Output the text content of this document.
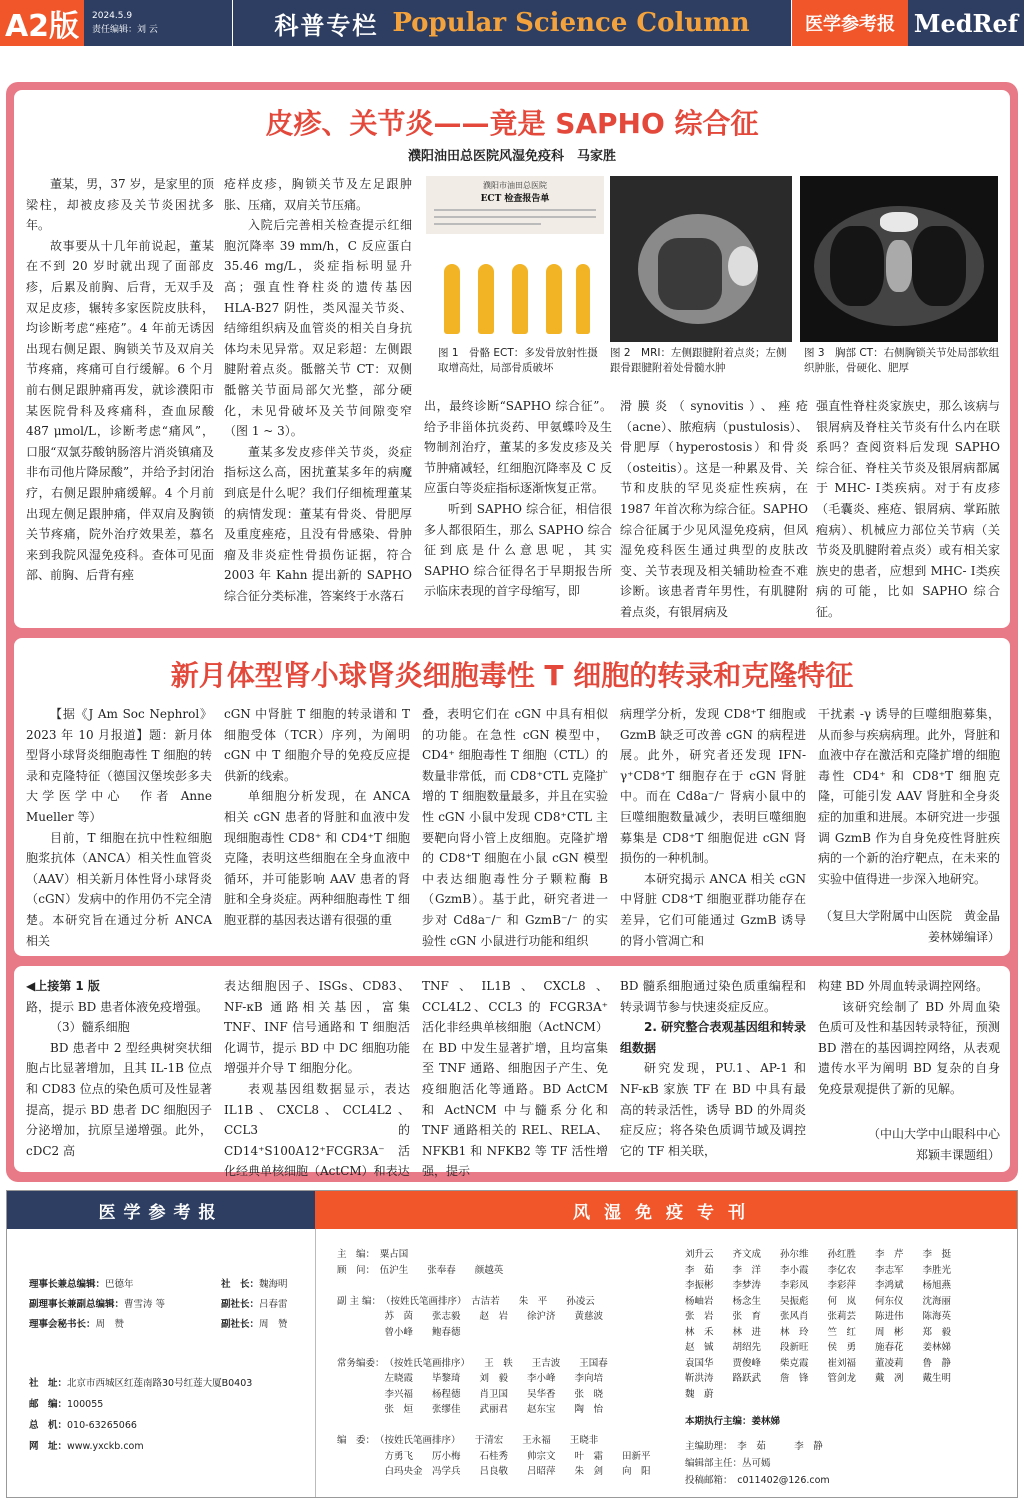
A2版	2024.5.9
责任编辑：刘 云	科普专栏 Popular Science Column	医学参考报 MedRef
皮疹、关节炎——竟是 SAPHO 综合征
濮阳油田总医院风湿免疫科　马家胜

董某，男，37 岁，是家里的顶梁柱，却被皮疹及关节炎困扰多年。

故事要从十几年前说起，董某在不到 20 岁时就出现了面部皮疹，后累及前胸、后背，无双手及双足皮疹，辗转多家医院皮肤科，均诊断考虑“痤疮”。4 年前无诱因出现右侧足跟、胸锁关节及双肩关节疼痛，疼痛可自行缓解。6 个月前右侧足跟肿痛再发，就诊濮阳市某医院骨科及疼痛科，查血尿酸 487 μmol/L，诊断考虑“痛风”，口服“双氯芬酸钠肠溶片消炎镇痛及非布司他片降尿酸”，并给予封闭治疗，右侧足跟肿痛缓解。4 个月前出现左侧足跟肿痛，伴双肩及胸锁关节疼痛，院外治疗效果差，慕名来到我院风湿免疫科。查体可见面部、前胸、后背有痤

疮样皮疹，胸锁关节及左足跟肿胀、压痛，双肩关节压痛。

入院后完善相关检查提示红细胞沉降率 39 mm/h，C 反应蛋白 35.46 mg/L，炎症指标明显升高；强直性脊柱炎的遗传基因 HLA-B27 阴性，类风湿关节炎、结缔组织病及血管炎的相关自身抗体均未见异常。双足彩超：左侧跟腱附着点炎。骶髂关节 CT：双侧骶髂关节面局部欠光整，部分硬化，未见骨破坏及关节间隙变窄（图 1 ~ 3）。

董某多发皮疹伴关节炎，炎症指标这么高，困扰董某多年的病魔到底是什么呢？我们仔细梳理董某的病情发现：董某有骨炎、骨肥厚及重度痤疮，且没有骨感染、骨肿瘤及非炎症性骨损伤证据，符合 2003 年 Kahn 提出新的 SAPHO 综合征分类标准，答案终于水落石

濮阳市油田总医院
ECT 检查报告单
图 1　骨骼 ECT：多发骨放射性摄取增高灶，局部骨质破坏
图 2　MRI：左侧跟腱附着点炎；左侧跟骨跟腱附着处骨髓水肿
图 3　胸部 CT：右侧胸锁关节处局部软组织肿胀，骨硬化、肥厚

出，最终诊断“SAPHO 综合征”。给予非甾体抗炎药、甲氨蝶呤及生物制剂治疗，董某的多发皮疹及关节肿痛减轻，红细胞沉降率及 C 反应蛋白等炎症指标逐渐恢复正常。

听到 SAPHO 综合征，相信很多人都很陌生，那么 SAPHO 综合征到底是什么意思呢，其实 SAPHO 综合征得名于早期报告所示临床表现的首字母缩写，即

滑膜炎（synovitis）、痤疮（acne）、脓疱病（pustulosis）、骨肥厚（hyperostosis）和骨炎（osteitis）。这是一种累及骨、关节和皮肤的罕见炎症性疾病，在 1987 年首次称为综合征。SAPHO 综合征属于少见风湿免疫病，但风湿免疫科医生通过典型的皮肤改变、关节表现及相关辅助检查不难诊断。该患者青年男性，有肌腱附着点炎，有银屑病及

强直性脊柱炎家族史，那么该病与银屑病及脊柱关节炎有什么内在联系吗？查阅资料后发现 SAPHO 综合征、脊柱关节炎及银屑病都属于 MHC- Ⅰ类疾病。对于有皮疹（毛囊炎、痤疮、银屑病、掌跖脓疱病）、机械应力部位关节病（关节炎及肌腱附着点炎）或有相关家族史的患者，应想到 MHC- Ⅰ类疾病的可能，比如 SAPHO 综合征。

新月体型肾小球肾炎细胞毒性 T 细胞的转录和克隆特征

【据《J Am Soc Nephrol》2023 年 10 月报道】题：新月体型肾小球肾炎细胞毒性 T 细胞的转录和克隆特征（德国汉堡埃彭多夫大学医学中心　作者 Anne Mueller 等）

目前，T 细胞在抗中性粒细胞胞浆抗体（ANCA）相关性血管炎（AAV）相关新月体性肾小球肾炎（cGN）发病中的作用仍不完全清楚。本研究旨在通过分析 ANCA 相关

cGN 中肾脏 T 细胞的转录谱和 T 细胞受体（TCR）序列，为阐明 cGN 中 T 细胞介导的免疫反应提供新的线索。

单细胞分析发现，在 ANCA 相关 cGN 患者的肾脏和血液中发现细胞毒性 CD8⁺ 和 CD4⁺T 细胞克隆，表明这些细胞在全身血液中循环，并可能影响 AAV 患者的肾脏和全身炎症。两种细胞毒性 T 细胞亚群的基因表达谱有很强的重

叠，表明它们在 cGN 中具有相似的功能。在急性 cGN 模型中，CD4⁺ 细胞毒性 T 细胞（CTL）的数量非常低，而 CD8⁺CTL 克隆扩增的 T 细胞数量最多，并且在实验性 cGN 小鼠中发现 CD8⁺CTL 主要靶向肾小管上皮细胞。克隆扩增的 CD8⁺T 细胞在小鼠 cGN 模型中表达细胞毒性分子颗粒酶 B（GzmB）。基于此，研究者进一步对 Cd8a⁻/⁻ 和 GzmB⁻/⁻ 的实验性 cGN 小鼠进行功能和组织

病理学分析，发现 CD8⁺T 细胞或 GzmB 缺乏可改善 cGN 的病程进展。此外，研究者还发现 IFN-γ⁺CD8⁺T 细胞存在于 cGN 肾脏中。而在 Cd8a⁻/⁻ 肾病小鼠中的巨噬细胞数量减少，表明巨噬细胞募集是 CD8⁺T 细胞促进 cGN 肾损伤的一种机制。

本研究揭示 ANCA 相关 cGN 中肾脏 CD8⁺T 细胞亚群功能存在差异，它们可能通过 GzmB 诱导的肾小管凋亡和

干扰素 -γ 诱导的巨噬细胞募集，从而参与疾病病理。此外，肾脏和血液中存在激活和克隆扩增的细胞毒性 CD4⁺ 和 CD8⁺T 细胞克隆，可能引发 AAV 肾脏和全身炎症的加重和进展。本研究进一步强调 GzmB 作为自身免疫性肾脏疾病的一个新的治疗靶点，在未来的实验中值得进一步深入地研究。

（复旦大学附属中山医院　黄金晶 姜林娣编译）

◀上接第 1 版

路，提示 BD 患者体液免疫增强。

（3）髓系细胞

BD 患者中 2 型经典树突状细胞占比显著增加，且其 IL-1B 位点和 CD83 位点的染色质可及性显著提高，提示 BD 患者 DC 细胞因子分泌增加，抗原呈递增强。此外，cDC2 高

表达细胞因子、ISGs、CD83、NF-κB 通路相关基因，富集 TNF、INF 信号通路和 T 细胞活化调节，提示 BD 中 DC 细胞功能增强并介导 T 细胞分化。

表观基因组数据显示，表达 IL1B、CXCL8、CCL4L2、CCL3 的 CD14⁺S100A12⁺FCGR3A⁻ 活化经典单核细胞（ActCM）和表达

TNF、IL1B、CXCL8、CCL4L2、CCL3 的 FCGR3A⁺ 活化非经典单核细胞（ActNCM）在 BD 中发生显著扩增，且均富集至 TNF 通路、细胞因子产生、免疫细胞活化等通路。BD ActCM 和 ActNCM 中与髓系分化和 TNF 通路相关的 REL、RELA、NFKB1 和 NFKB2 等 TF 活性增强，提示

BD 髓系细胞通过染色质重编程和转录调节参与快速炎症反应。

2. 研究整合表观基因组和转录组数据

研究发现，PU.1、AP-1 和 NF-κB 家族 TF 在 BD 中具有最高的转录活性，诱导 BD 的外周炎症反应；将各染色质调节域及调控它的 TF 相关联，

构建 BD 外周血转录调控网络。

该研究绘制了 BD 外周血染色质可及性和基因转录特征，预测 BD 潜在的基因调控网络，从表观遗传水平为阐明 BD 复杂的自身免疫景观提供了新的见解。

（中山大学中山眼科中心
郑颖丰课题组）
医学参考报	风湿免疫专刊
理事长兼总编辑：巴德年
副理事长兼副总编辑：曹雪涛 等
理事会秘书长：周　赞
社　长：魏海明
副社长：吕春雷
副社长：周　赞
社　址：北京市西城区红莲南路30号红莲大厦B0403
邮　编：100055
总　机：010-63265066
网　址：www.yxckb.com
主　编：　粟占国
顾　问：　伍沪生　　张奉春　　颜越英

副 主 编：　（按姓氏笔画排序）　古洁若　　朱　平　　孙凌云
　　　　　苏　茵　　张志毅　　赵　岩　　徐沪济　　黄慈波
　　　　　曾小峰　　鲍春德

常务编委：　（按姓氏笔画排序）　　王　轶　　王吉波　　王国春
　　　　　左晓霞　　毕黎琦　　刘　毅　　李小峰　　李向培
　　　　　李兴福　　杨程德　　肖卫国　　吴华香　　张　晓
　　　　　张　烜　　张缪佳　　武丽君　　赵东宝　　陶　怡

编　委：　（按姓氏笔画排序）　　于清宏　　王永福　　王晓非
　　　　　方勇飞　　厉小梅　　石桂秀　　帅宗文　　叶　霜　　田新平
　　　　　白玛央金　冯学兵　　吕良敬　　吕昭萍　　朱　剑　　向　阳
刘升云　　齐文成　　孙尔维　　孙红胜　　李　芹　　李　挺
李　茹　　李　洋　　李小霞　　李亿农　　李志军　　李胜光
李振彬　　李梦涛　　李彩凤　　李彩萍　　李鸿斌　　杨旭燕
杨岫岩　　杨念生　　吴振彪　　何　岚　　何东仪　　沈海丽
张　岩　　张　育　　张风肖　　张莉芸　　陈进伟　　陈海英
林　禾　　林　进　　林　玲　　竺　红　　周　彬　　郑　毅
赵　铖　　胡绍先　　段新旺　　侯　勇　　施春花　　姜林娣
袁国华　　贾俊峰　　柴克霞　　崔刘福　　董凌莉　　鲁　静
靳洪涛　　路跃武　　詹　锋　　管剑龙　　戴　冽　　戴生明
魏　蔚
本期执行主编：姜林娣
主编助理：　李　茹　　　李　静
编辑部主任：丛可嫣
投稿邮箱：　c011402@126.com
